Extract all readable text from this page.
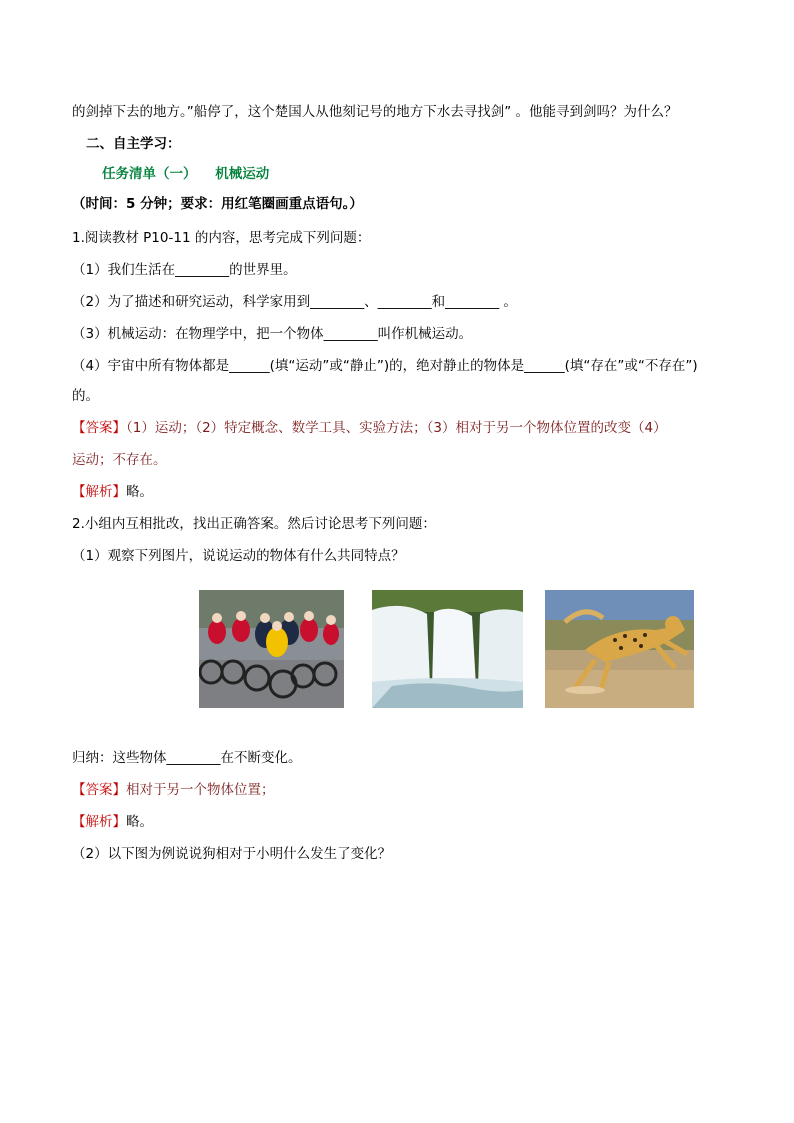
的剑掉下去的地方。”船停了，这个楚国人从他刻记号的地方下水去寻找剑” 。他能寻到剑吗？为什么？
二、自主学习：
任务清单（一）    机械运动
（时间：5 分钟；要求：用红笔圈画重点语句。）
1.阅读教材 P10-11 的内容，思考完成下列问题：
（1）我们生活在________的世界里。
（2）为了描述和研究运动，科学家用到________、________和________ 。
（3）机械运动：在物理学中，把一个物体________叫作机械运动。
（4）宇宙中所有物体都是______(填“运动”或“静止”)的，绝对静止的物体是______(填“存在”或“不存在”)
的。
【答案】（1）运动；（2）特定概念、数学工具、实验方法；（3）相对于另一个物体位置的改变（4）
运动；不存在。
【解析】略。
2.小组内互相批改，找出正确答案。然后讨论思考下列问题：
（1）观察下列图片，说说运动的物体有什么共同特点？
归纳：这些物体________在不断变化。
【答案】相对于另一个物体位置；
【解析】略。
（2）以下图为例说说狗相对于小明什么发生了变化？
